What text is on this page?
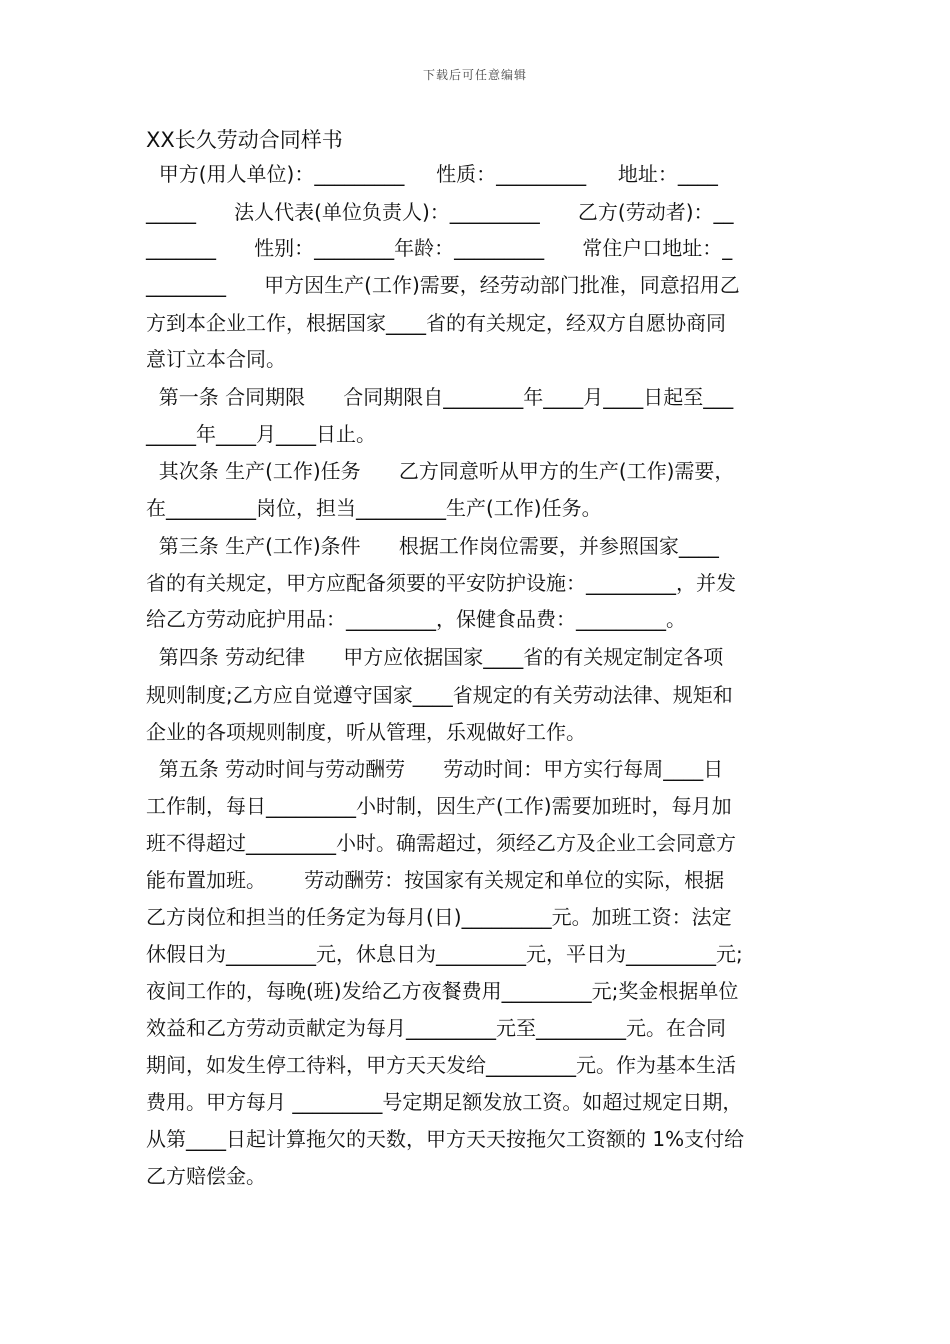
下载后可任意编辑
XX长久劳动合同样书
甲方(用人单位)：_________     性质：_________     地址：____
_____      法人代表(单位负责人)：_________      乙方(劳动者)：__
_______      性别：________年龄：_________      常住户口地址：_
________      甲方因生产(工作)需要，经劳动部门批准，同意招用乙
方到本企业工作，根据国家____省的有关规定，经双方自愿协商同
意订立本合同。
第一条 合同期限      合同期限自________年____月____日起至___
_____年____月____日止。
其次条 生产(工作)任务      乙方同意听从甲方的生产(工作)需要，
在_________岗位，担当_________生产(工作)任务。
第三条 生产(工作)条件      根据工作岗位需要，并参照国家____
省的有关规定，甲方应配备须要的平安防护设施：_________，并发
给乙方劳动庇护用品：_________，保健食品费：_________。
第四条 劳动纪律      甲方应依据国家____省的有关规定制定各项
规则制度;乙方应自觉遵守国家____省规定的有关劳动法律、规矩和
企业的各项规则制度，听从管理，乐观做好工作。
第五条 劳动时间与劳动酬劳      劳动时间：甲方实行每周____日
工作制，每日_________小时制，因生产(工作)需要加班时，每月加
班不得超过_________小时。确需超过，须经乙方及企业工会同意方
能布置加班。      劳动酬劳：按国家有关规定和单位的实际，根据
乙方岗位和担当的任务定为每月(日)_________元。加班工资：法定
休假日为_________元，休息日为_________元，平日为_________元;
夜间工作的，每晚(班)发给乙方夜餐费用_________元;奖金根据单位
效益和乙方劳动贡献定为每月_________元至_________元。在合同
期间，如发生停工待料，甲方天天发给_________元。作为基本生活
费用。甲方每月 _________号定期足额发放工资。如超过规定日期，
从第____日起计算拖欠的天数，甲方天天按拖欠工资额的 1%支付给
乙方赔偿金。
